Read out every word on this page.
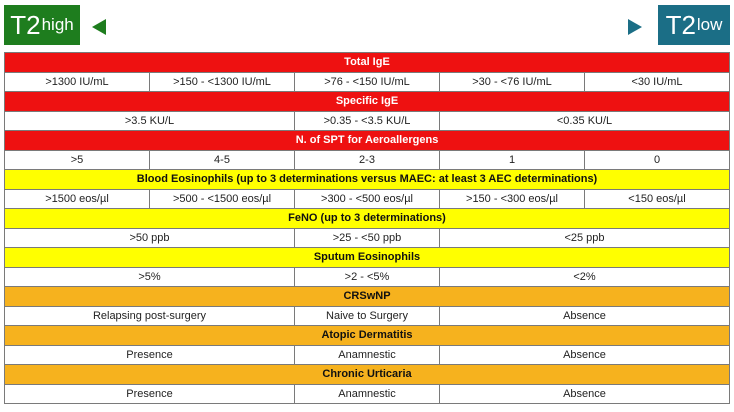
T2 high	T2 low
Total IgE				
>1300 IU/mL	>150 - <1300 IU/mL	>76 - <150 IU/mL	>30 - <76 IU/mL	<30 IU/mL
Specific IgE				
>3.5 KU/L		>0.35 - <3.5 KU/L	<0.35 KU/L	
N. of SPT for Aeroallergens				
>5	4-5	2-3	1	0
Blood Eosinophils (up to 3 determinations versus MAEC: at least 3 AEC determinations)				
>1500 eos/µl	>500 - <1500 eos/µl	>300 - <500 eos/µl	>150 - <300 eos/µl	<150 eos/µl
FeNO (up to 3 determinations)				
>50 ppb		>25 - <50 ppb	<25 ppb	
Sputum Eosinophils				
>5%		>2 - <5%	<2%	
CRSwNP				
Relapsing post-surgery		Naive to Surgery	Absence	
Atopic Dermatitis				
Presence		Anamnestic	Absence	
Chronic Urticaria				
Presence		Anamnestic	Absence	
